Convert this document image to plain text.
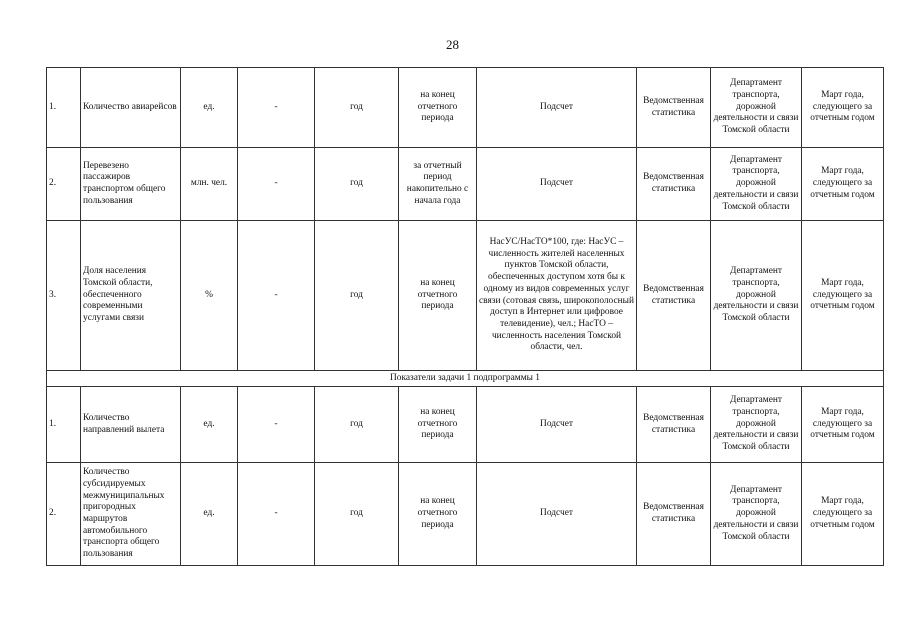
28
1.	Количество авиарейсов	ед.	-	год	на конец отчетного периода	Подсчет	Ведомственная статистика	Департамент транспорта, дорожной деятельности и связи Томской области	Март года, следующего за отчетным годом
2.	Перевезено пассажиров транспортом общего пользования	млн. чел.	-	год	за отчетный период накопительно с начала года	Подсчет	Ведомственная статистика	Департамент транспорта, дорожной деятельности и связи Томской области	Март года, следующего за отчетным годом
3.	Доля населения Томской области, обеспеченного современными услугами связи	%	-	год	на конец отчетного периода	НасУС/НасТО*100, где: НасУС – численность жителей населенных пунктов Томской области, обеспеченных доступом хотя бы к одному из видов современных услуг связи (сотовая связь, широкополосный доступ в Интернет или цифровое телевидение), чел.; НасТО – численность населения Томской области, чел.	Ведомственная статистика	Департамент транспорта, дорожной деятельности и связи Томской области	Март года, следующего за отчетным годом
Показатели задачи 1 подпрограммы 1									
1.	Количество направлений вылета	ед.	-	год	на конец отчетного периода	Подсчет	Ведомственная статистика	Департамент транспорта, дорожной деятельности и связи Томской области	Март года, следующего за отчетным годом
2.	Количество субсидируемых межмуниципальных пригородных маршрутов автомобильного транспорта общего пользования	ед.	-	год	на конец отчетного периода	Подсчет	Ведомственная статистика	Департамент транспорта, дорожной деятельности и связи Томской области	Март года, следующего за отчетным годом
